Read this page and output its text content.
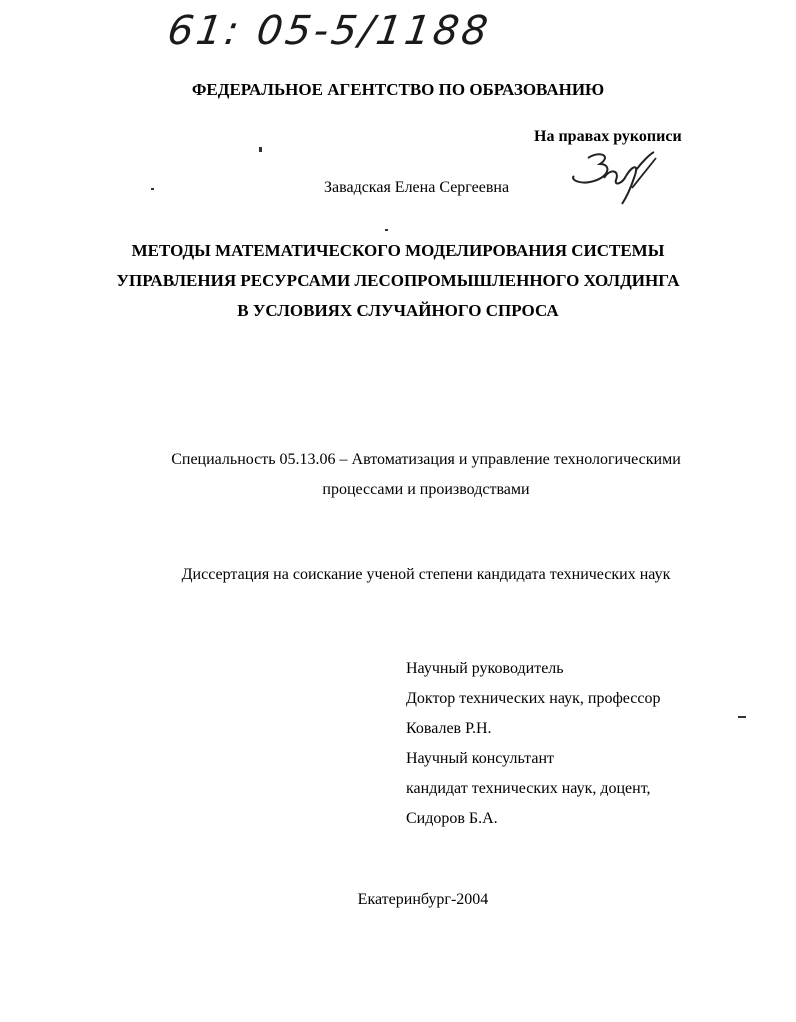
61: 05-5/1188
ФЕДЕРАЛЬНОЕ АГЕНТСТВО ПО ОБРАЗОВАНИЮ
На правах рукописи
Завадская Елена Сергеевна
МЕТОДЫ МАТЕМАТИЧЕСКОГО МОДЕЛИРОВАНИЯ СИСТЕМЫ
УПРАВЛЕНИЯ РЕСУРСАМИ ЛЕСОПРОМЫШЛЕННОГО ХОЛДИНГА
В УСЛОВИЯХ СЛУЧАЙНОГО СПРОСА
Специальность 05.13.06 – Автоматизация и управление технологическими
процессами и производствами
Диссертация на соискание ученой степени кандидата технических наук
Научный руководитель
Доктор технических наук, профессор
Ковалев Р.Н.
Научный консультант
кандидат технических наук, доцент,
Сидоров Б.А.
Екатеринбург-2004
